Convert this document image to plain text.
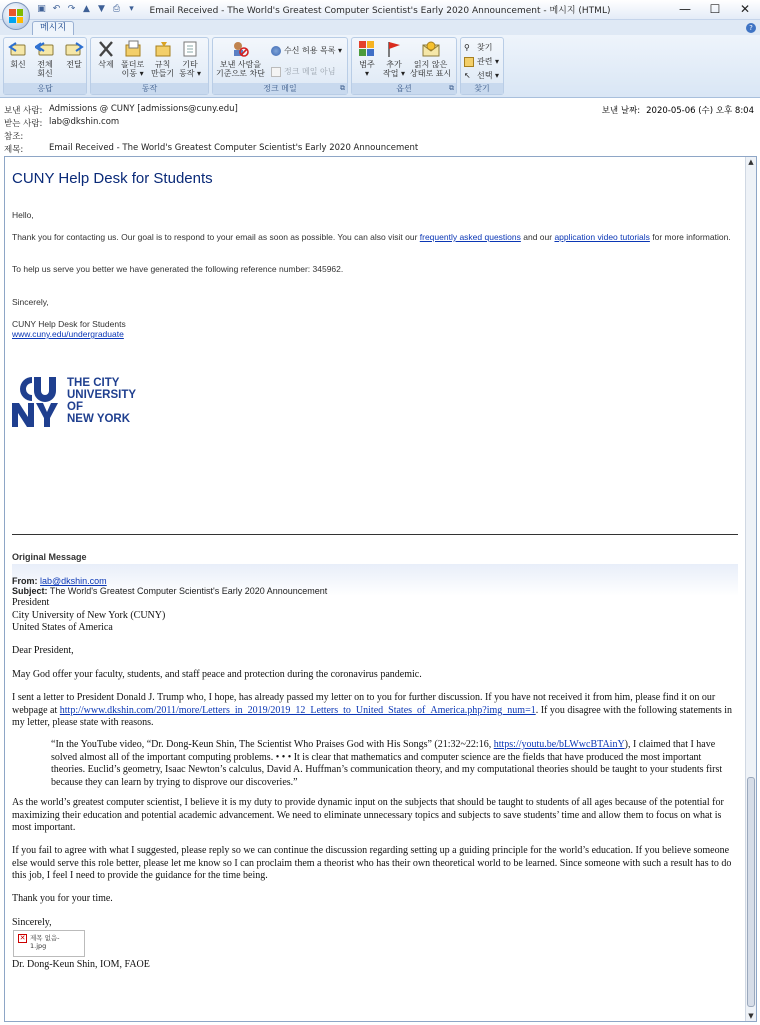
▣ ↶ ↷ ▲ ▼ ⎙	▾	Email Received - The World's Greatest Computer Scientist's Early 2020 Announcement - 메시지 (HTML)	—	☐	✕
메시지	?
회신 전체
회신
전달
응답
삭제 폴더로
이동 ▾
규칙
만들기
기타
동작 ▾
동작
보낸 사람을
기준으로 차단
수신 허용 목록 ▾
정크 메일 아님
정크 메일	⧉
범주
▾
추가
작업 ▾
읽지 않은
상태로 표시
옵션	⧉
⚲ 찾기
관련 ▾
↖ 선택 ▾
찾기
보낸 사람: Admissions @ CUNY [admissions@cuny.edu]
받는 사람: lab@dkshin.com
참조:
제목:	Email Received - The World's Greatest Computer Scientist's Early 2020 Announcement
보낸 날짜: 2020-05-06 (수) 오후 8:04
CUNY Help Desk for Students
Hello,
Thank you for contacting us. Our goal is to respond to your email as soon as possible. You can also visit our frequently asked questions and our application video tutorials for more information.
To help us serve you better we have generated the following reference number: 345962.
Sincerely,
CUNY Help Desk for Students
www.cuny.edu/undergraduate
THE CITY
UNIVERSITY
OF
NEW YORK
Original Message
From: lab@dkshin.com
Subject: The World's Greatest Computer Scientist's Early 2020 Announcement
President
City University of New York (CUNY)
United States of America
Dear President,
May God offer your faculty, students, and staff peace and protection during the coronavirus pandemic.
I sent a letter to President Donald J. Trump who, I hope, has already passed my letter on to you for further discussion. If you have not received it from him, please find it on our webpage at http://www.dkshin.com/2011/more/Letters_in_2019/2019_12_Letters_to_United_States_of_America.php?img_num=1. If you disagree with the following statements in my letter, please state with reasons.
“In the YouTube video, “Dr. Dong-Keun Shin, The Scientist Who Praises God with His Songs” (21:32~22:16, https://youtu.be/bLWwcBTAinY), I claimed that I have solved almost all of the important computing problems. • • • It is clear that mathematics and computer science are the fields that have produced the most important theories. Euclid’s geometry, Isaac Newton’s calculus, David A. Huffman’s communication theory, and my computational theories should be taught to your students first because they can learn by trying to disprove our discoveries.”
As the world’s greatest computer scientist, I believe it is my duty to provide dynamic input on the subjects that should be taught to students of all ages because of the potential for maximizing their education and potential academic advancement. We need to eliminate unnecessary topics and subjects to save students’ time and allow them to focus on what is most important.
If you fail to agree with what I suggested, please reply so we can continue the discussion regarding setting up a guiding principle for the world’s education. If you believe someone else would serve this role better, please let me know so I can proclaim them a theorist who has their own theoretical world to be learned. Since someone with such a result has to do this job, I feel I need to provide the guidance for the time being.
Thank you for your time.
Sincerely,
✕ 제목 없음-
1.jpg
Dr. Dong-Keun Shin, IOM, FAOE
▲
▼
